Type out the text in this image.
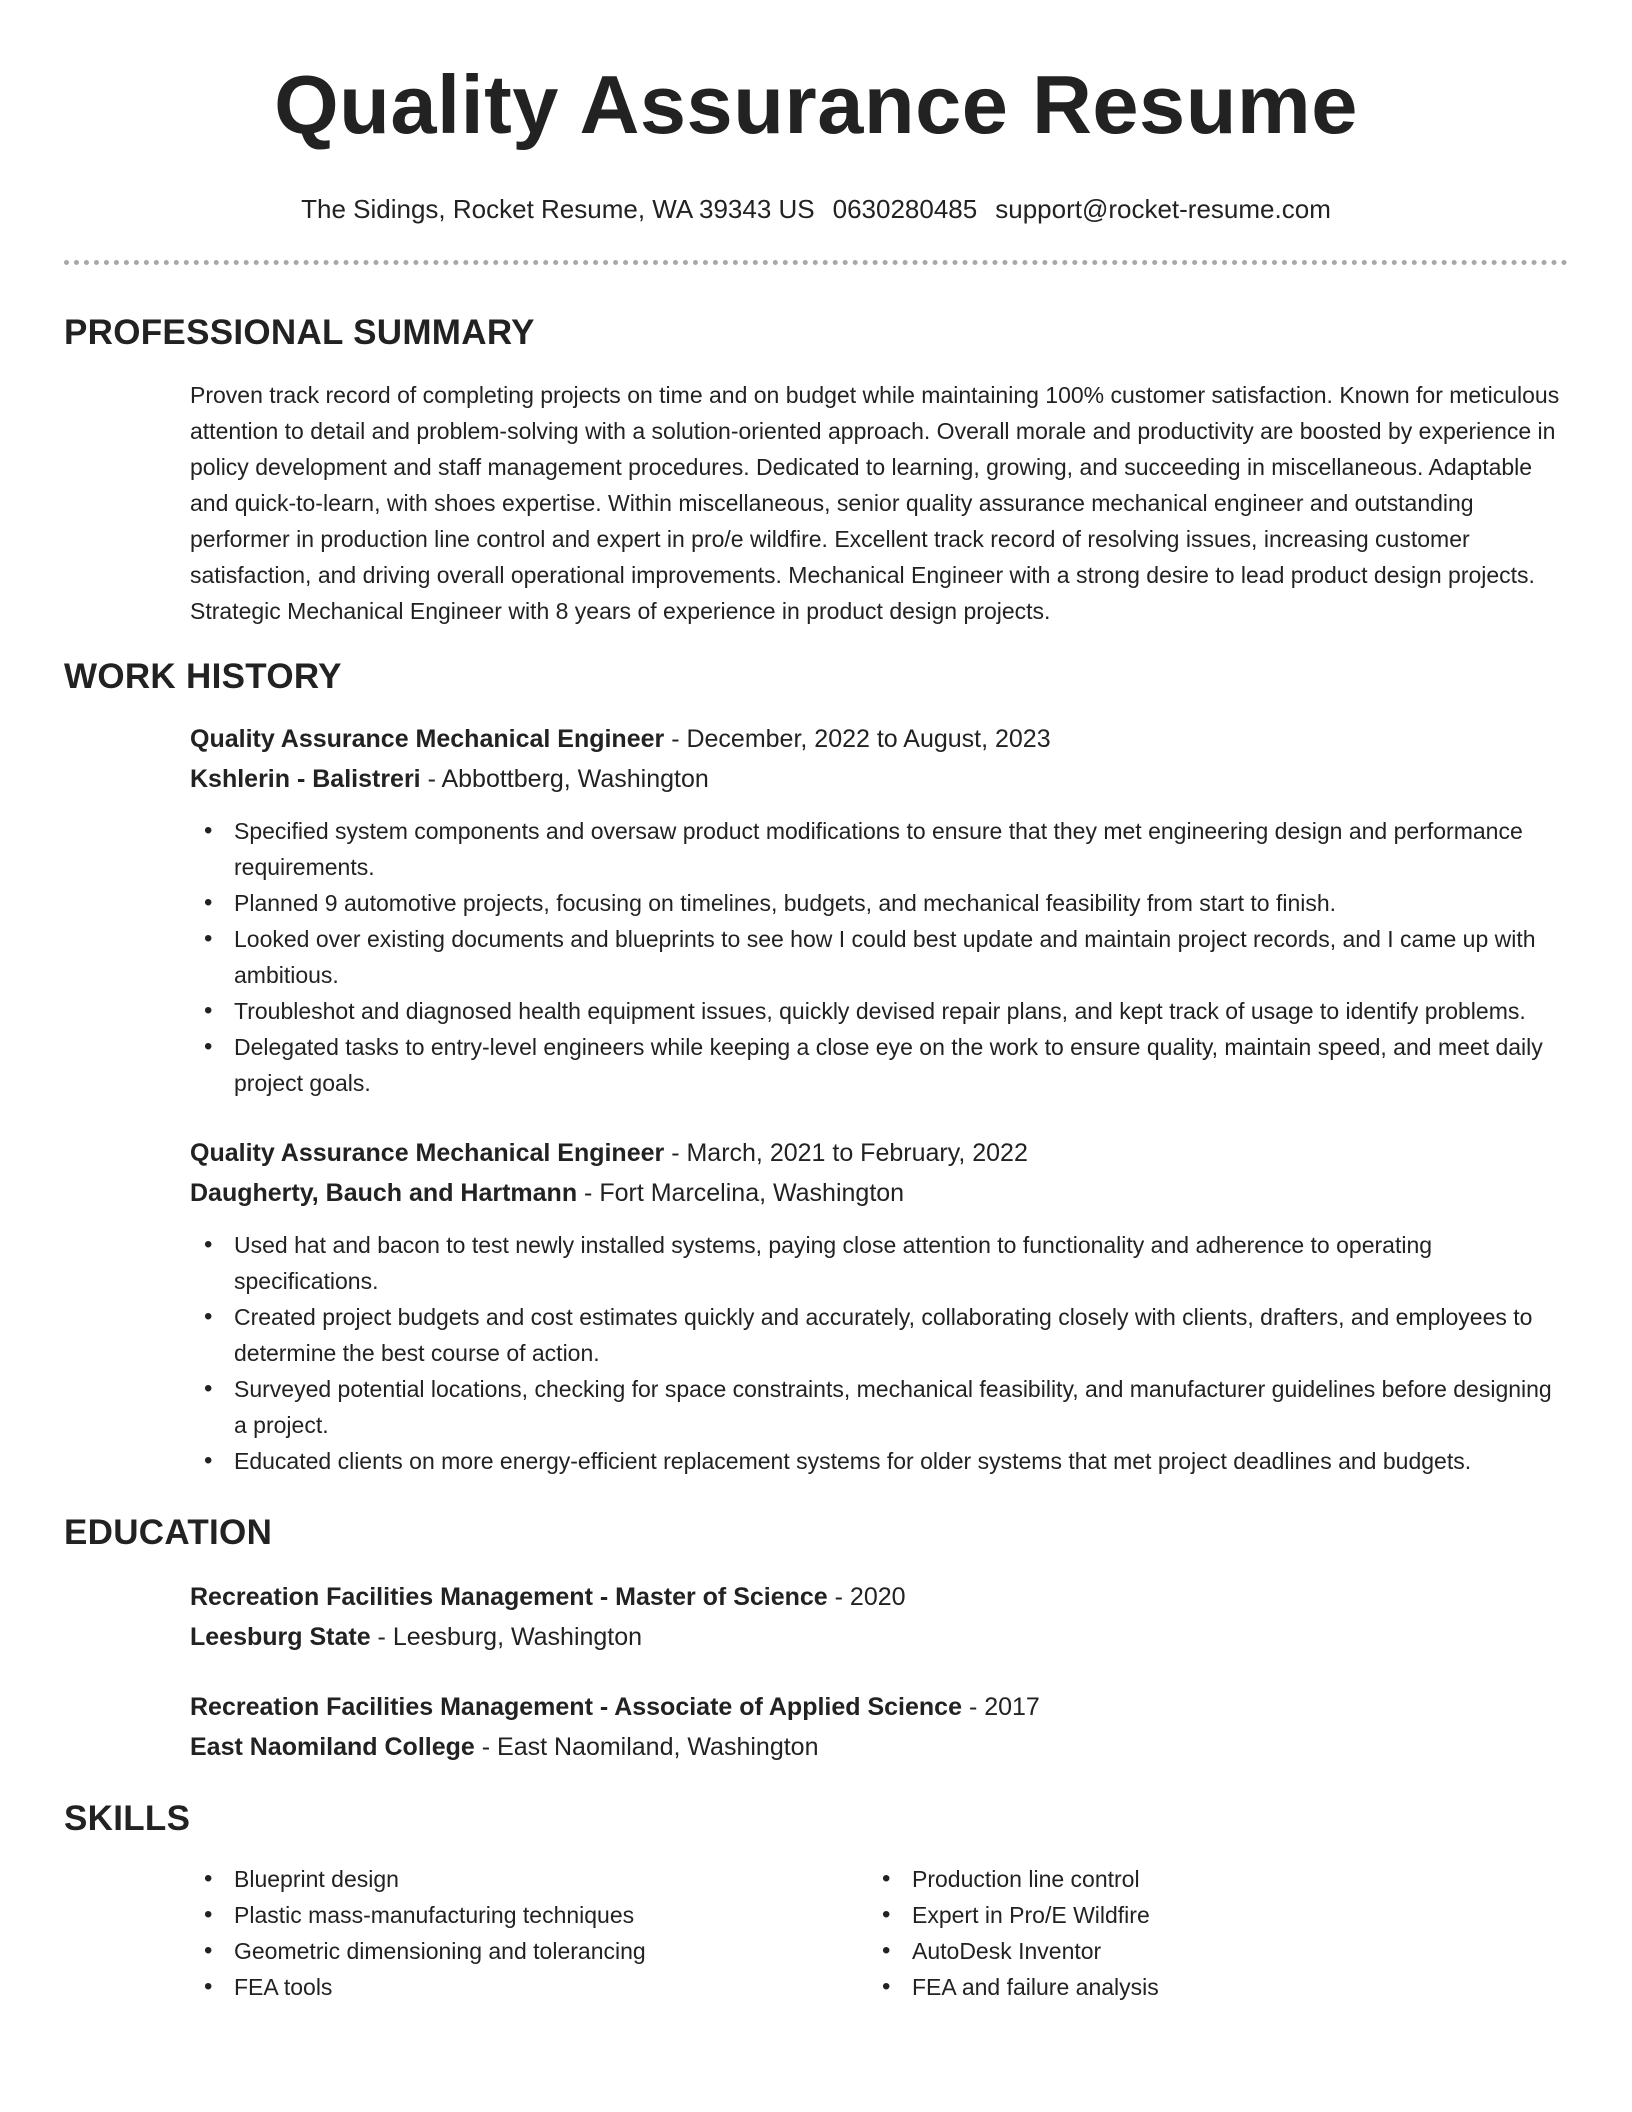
Quality Assurance Resume
The Sidings, Rocket Resume, WA 39343 US 0630280485 support@rocket-resume.com
PROFESSIONAL SUMMARY
Proven track record of completing projects on time and on budget while maintaining 100% customer satisfaction. Known for meticulous attention to detail and problem-solving with a solution-oriented approach. Overall morale and productivity are boosted by experience in policy development and staff management procedures. Dedicated to learning, growing, and succeeding in miscellaneous. Adaptable and quick-to-learn, with shoes expertise. Within miscellaneous, senior quality assurance mechanical engineer and outstanding performer in production line control and expert in pro/e wildfire. Excellent track record of resolving issues, increasing customer satisfaction, and driving overall operational improvements. Mechanical Engineer with a strong desire to lead product design projects. Strategic Mechanical Engineer with 8 years of experience in product design projects.
WORK HISTORY
Quality Assurance Mechanical Engineer - December, 2022 to August, 2023
Kshlerin - Balistreri - Abbottberg, Washington
• Specified system components and oversaw product modifications to ensure that they met engineering design and performance requirements.
• Planned 9 automotive projects, focusing on timelines, budgets, and mechanical feasibility from start to finish.
• Looked over existing documents and blueprints to see how I could best update and maintain project records, and I came up with ambitious.
• Troubleshot and diagnosed health equipment issues, quickly devised repair plans, and kept track of usage to identify problems.
• Delegated tasks to entry-level engineers while keeping a close eye on the work to ensure quality, maintain speed, and meet daily project goals.
Quality Assurance Mechanical Engineer - March, 2021 to February, 2022
Daugherty, Bauch and Hartmann - Fort Marcelina, Washington
• Used hat and bacon to test newly installed systems, paying close attention to functionality and adherence to operating specifications.
• Created project budgets and cost estimates quickly and accurately, collaborating closely with clients, drafters, and employees to determine the best course of action.
• Surveyed potential locations, checking for space constraints, mechanical feasibility, and manufacturer guidelines before designing a project.
• Educated clients on more energy-efficient replacement systems for older systems that met project deadlines and budgets.
EDUCATION
Recreation Facilities Management - Master of Science - 2020
Leesburg State - Leesburg, Washington
Recreation Facilities Management - Associate of Applied Science - 2017
East Naomiland College - East Naomiland, Washington
SKILLS
• Blueprint design
• Plastic mass-manufacturing techniques
• Geometric dimensioning and tolerancing
• FEA tools
• Production line control
• Expert in Pro/E Wildfire
• AutoDesk Inventor
• FEA and failure analysis
